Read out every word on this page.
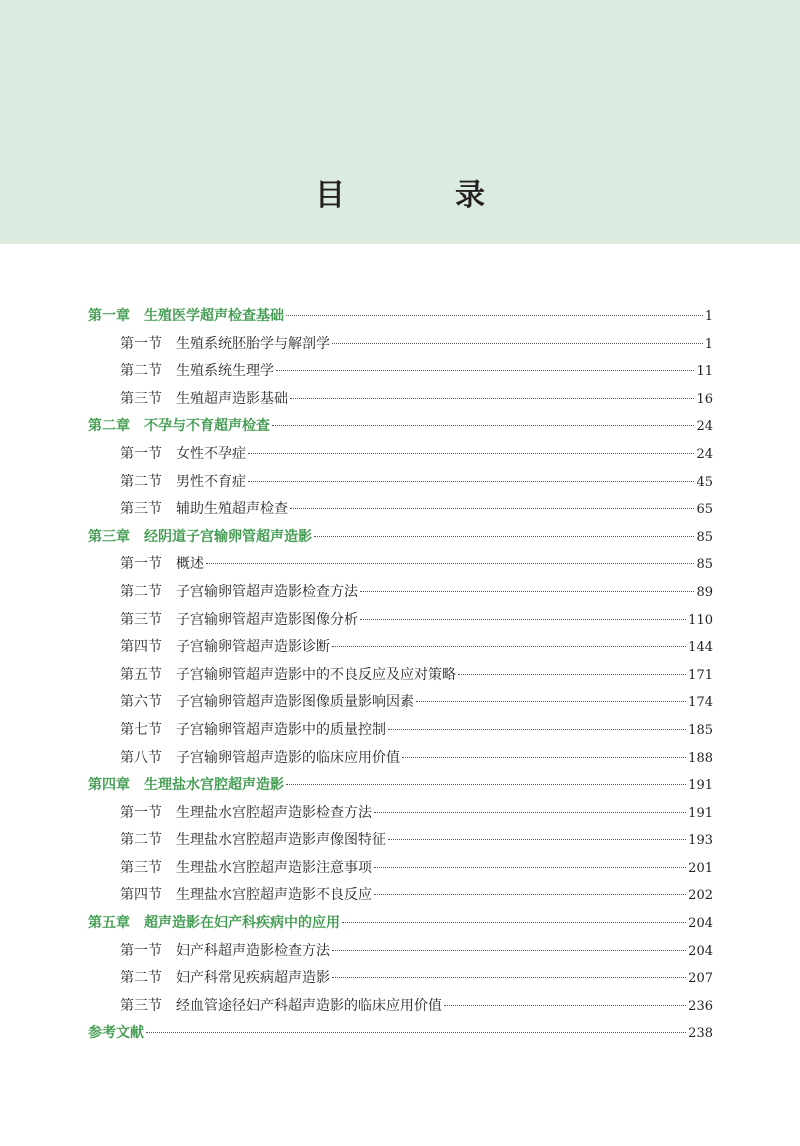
目　录
第一章 生殖医学超声检查基础	1
第一节 生殖系统胚胎学与解剖学	1
第二节 生殖系统生理学	11
第三节 生殖超声造影基础	16
第二章 不孕与不育超声检查	24
第一节 女性不孕症	24
第二节 男性不育症	45
第三节 辅助生殖超声检查	65
第三章 经阴道子宫输卵管超声造影	85
第一节 概述	85
第二节 子宫输卵管超声造影检查方法	89
第三节 子宫输卵管超声造影图像分析	110
第四节 子宫输卵管超声造影诊断	144
第五节 子宫输卵管超声造影中的不良反应及应对策略	171
第六节 子宫输卵管超声造影图像质量影响因素	174
第七节 子宫输卵管超声造影中的质量控制	185
第八节 子宫输卵管超声造影的临床应用价值	188
第四章 生理盐水宫腔超声造影	191
第一节 生理盐水宫腔超声造影检查方法	191
第二节 生理盐水宫腔超声造影声像图特征	193
第三节 生理盐水宫腔超声造影注意事项	201
第四节 生理盐水宫腔超声造影不良反应	202
第五章 超声造影在妇产科疾病中的应用	204
第一节 妇产科超声造影检查方法	204
第二节 妇产科常见疾病超声造影	207
第三节 经血管途径妇产科超声造影的临床应用价值	236
参考文献	238
